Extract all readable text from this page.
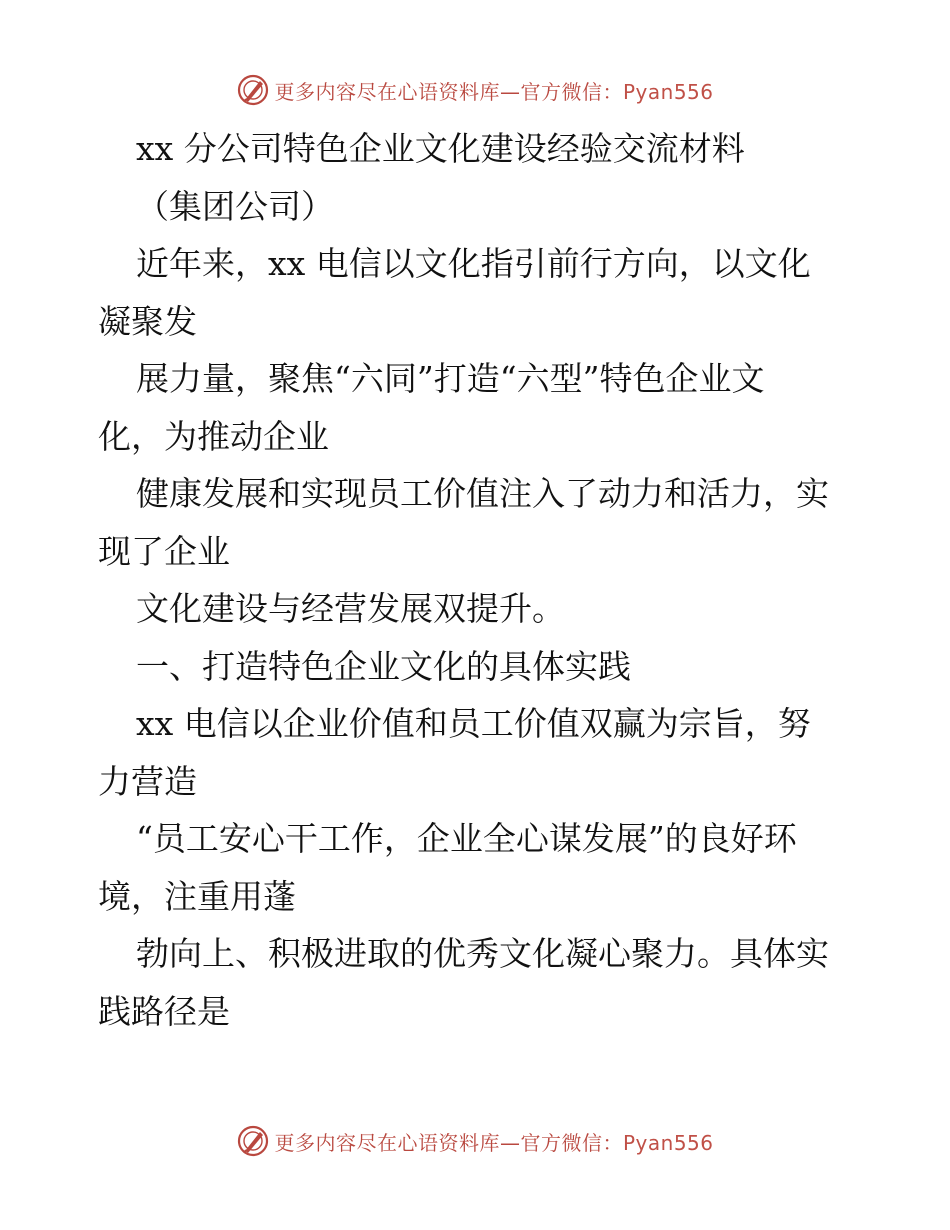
更多内容尽在心语资料库—官方微信：Pyan556
xx 分公司特色企业文化建设经验交流材料
（集团公司）
近年来，xx 电信以文化指引前行方向，以文化
凝聚发
展力量，聚焦“六同”打造“六型”特色企业文
化，为推动企业
健康发展和实现员工价值注入了动力和活力，实
现了企业
文化建设与经营发展双提升。
一、打造特色企业文化的具体实践
xx 电信以企业价值和员工价值双赢为宗旨，努
力营造
“员工安心干工作，企业全心谋发展”的良好环
境，注重用蓬
勃向上、积极进取的优秀文化凝心聚力。具体实
践路径是
更多内容尽在心语资料库—官方微信：Pyan556
